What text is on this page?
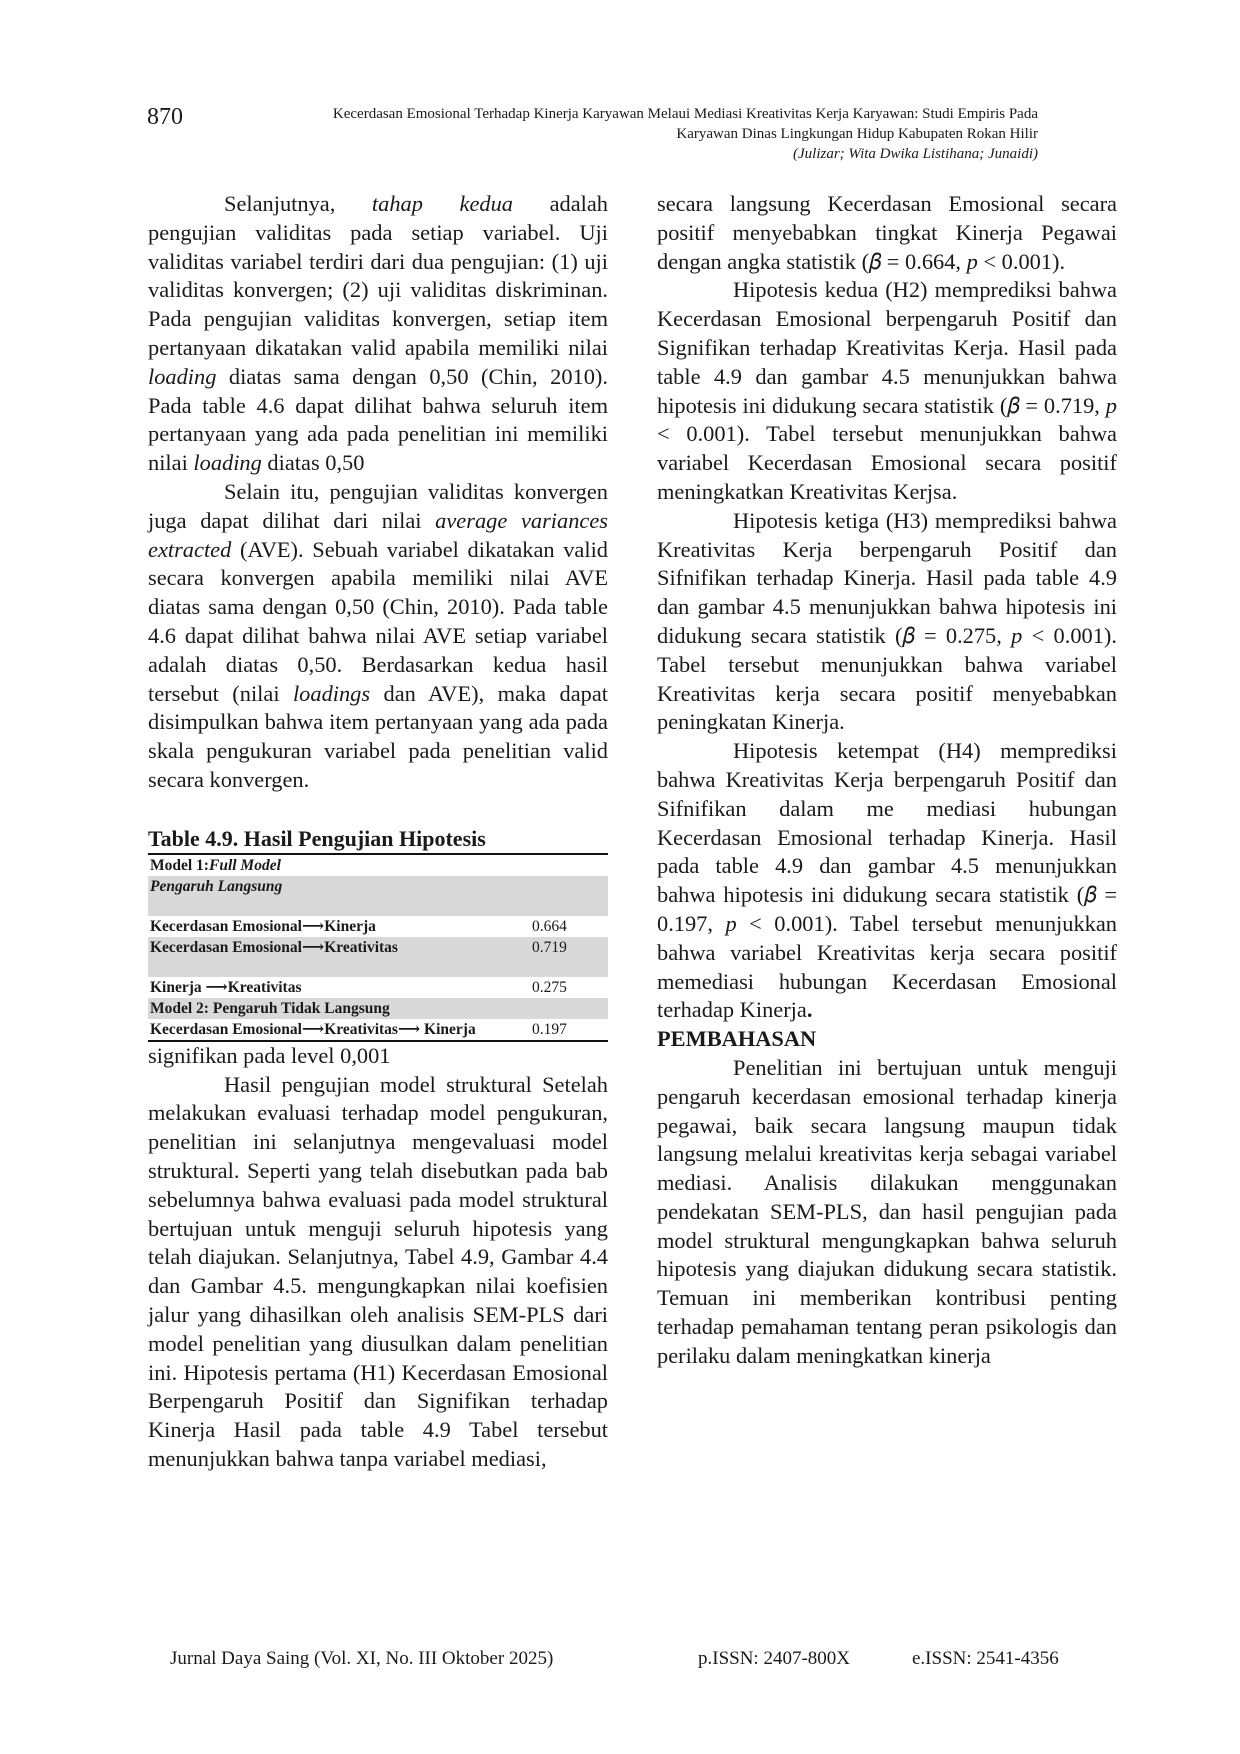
870	Kecerdasan Emosional Terhadap Kinerja Karyawan Melaui Mediasi Kreativitas Kerja Karyawan: Studi Empiris Pada
Karyawan Dinas Lingkungan Hidup Kabupaten Rokan Hilir
(Julizar; Wita Dwika Listihana; Junaidi)

Selanjutnya, tahap kedua adalah pengujian validitas pada setiap variabel. Uji validitas variabel terdiri dari dua pengujian: (1) uji validitas konvergen; (2) uji validitas diskriminan. Pada pengujian validitas konvergen, setiap item pertanyaan dikatakan valid apabila memiliki nilai loading diatas sama dengan 0,50 (Chin, 2010). Pada table 4.6 dapat dilihat bahwa seluruh item pertanyaan yang ada pada penelitian ini memiliki nilai loading diatas 0,50

Selain itu, pengujian validitas konvergen juga dapat dilihat dari nilai average variances extracted (AVE). Sebuah variabel dikatakan valid secara konvergen apabila memiliki nilai AVE diatas sama dengan 0,50 (Chin, 2010). Pada table 4.6 dapat dilihat bahwa nilai AVE setiap variabel adalah diatas 0,50. Berdasarkan kedua hasil tersebut (nilai loadings dan AVE), maka dapat disimpulkan bahwa item pertanyaan yang ada pada skala pengukuran variabel pada penelitian valid secara konvergen.

Table 4.9. Hasil Pengujian Hipotesis
Model 1:Full Model	
Pengaruh Langsung	
Kecerdasan Emosional⟶Kinerja	0.664
Kecerdasan Emosional⟶Kreativitas	0.719
Kinerja ⟶Kreativitas	0.275
Model 2: Pengaruh Tidak Langsung	
Kecerdasan Emosional⟶Kreativitas⟶ Kinerja	0.197

signifikan pada level 0,001

Hasil pengujian model struktural Setelah melakukan evaluasi terhadap model pengukuran, penelitian ini selanjutnya mengevaluasi model struktural. Seperti yang telah disebutkan pada bab sebelumnya bahwa evaluasi pada model struktural bertujuan untuk menguji seluruh hipotesis yang telah diajukan. Selanjutnya, Tabel 4.9, Gambar 4.4 dan Gambar 4.5. mengungkapkan nilai koefisien jalur yang dihasilkan oleh analisis SEM-PLS dari model penelitian yang diusulkan dalam penelitian ini. Hipotesis pertama (H1) Kecerdasan Emosional Berpengaruh Positif dan Signifikan terhadap Kinerja Hasil pada table 4.9 Tabel tersebut menunjukkan bahwa tanpa variabel mediasi,

secara langsung Kecerdasan Emosional secara positif menyebabkan tingkat Kinerja Pegawai dengan angka statistik (𝛽 = 0.664, p < 0.001).

Hipotesis kedua (H2) memprediksi bahwa Kecerdasan Emosional berpengaruh Positif dan Signifikan terhadap Kreativitas Kerja. Hasil pada table 4.9 dan gambar 4.5 menunjukkan bahwa hipotesis ini didukung secara statistik (𝛽 = 0.719, p < 0.001). Tabel tersebut menunjukkan bahwa variabel Kecerdasan Emosional secara positif meningkatkan Kreativitas Kerjsa.

Hipotesis ketiga (H3) memprediksi bahwa Kreativitas Kerja berpengaruh Positif dan Sifnifikan terhadap Kinerja. Hasil pada table 4.9 dan gambar 4.5 menunjukkan bahwa hipotesis ini didukung secara statistik (𝛽 = 0.275, p < 0.001). Tabel tersebut menunjukkan bahwa variabel Kreativitas kerja secara positif menyebabkan peningkatan Kinerja.

Hipotesis ketempat (H4) memprediksi bahwa Kreativitas Kerja berpengaruh Positif dan Sifnifikan dalam me mediasi hubungan Kecerdasan Emosional terhadap Kinerja. Hasil pada table 4.9 dan gambar 4.5 menunjukkan bahwa hipotesis ini didukung secara statistik (𝛽 = 0.197, p < 0.001). Tabel tersebut menunjukkan bahwa variabel Kreativitas kerja secara positif memediasi hubungan Kecerdasan Emosional terhadap Kinerja.

PEMBAHASAN

Penelitian ini bertujuan untuk menguji pengaruh kecerdasan emosional terhadap kinerja pegawai, baik secara langsung maupun tidak langsung melalui kreativitas kerja sebagai variabel mediasi. Analisis dilakukan menggunakan pendekatan SEM-PLS, dan hasil pengujian pada model struktural mengungkapkan bahwa seluruh hipotesis yang diajukan didukung secara statistik. Temuan ini memberikan kontribusi penting terhadap pemahaman tentang peran psikologis dan perilaku dalam meningkatkan kinerja

Jurnal Daya Saing (Vol. XI, No. III Oktober 2025)	p.ISSN: 2407-800X	e.ISSN: 2541-4356
